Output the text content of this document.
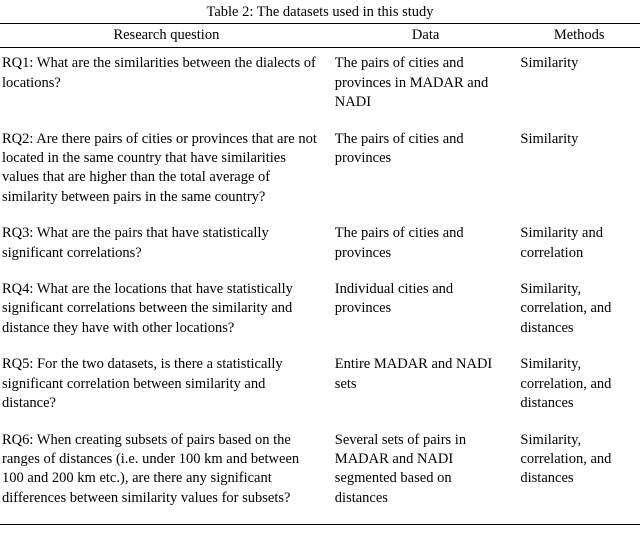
Table 2: The datasets used in this study
Research question	Data	Methods
RQ1: What are the similarities between the dialects of locations?	The pairs of cities and provinces in MADAR and NADI	Similarity
RQ2: Are there pairs of cities or provinces that are not located in the same country that have similarities values that are higher than the total average of similarity between pairs in the same country?	The pairs of cities and provinces	Similarity
RQ3: What are the pairs that have statistically significant correlations?	The pairs of cities and provinces	Similarity and correlation
RQ4: What are the locations that have statistically significant correlations between the similarity and distance they have with other locations?	Individual cities and provinces	Similarity, correlation, and distances
RQ5: For the two datasets, is there a statistically significant correlation between similarity and distance?	Entire MADAR and NADI sets	Similarity, correlation, and distances
RQ6: When creating subsets of pairs based on the ranges of distances (i.e. under 100 km and between 100 and 200 km etc.), are there any significant differences between similarity values for subsets?	Several sets of pairs in MADAR and NADI segmented based on distances	Similarity, correlation, and distances
